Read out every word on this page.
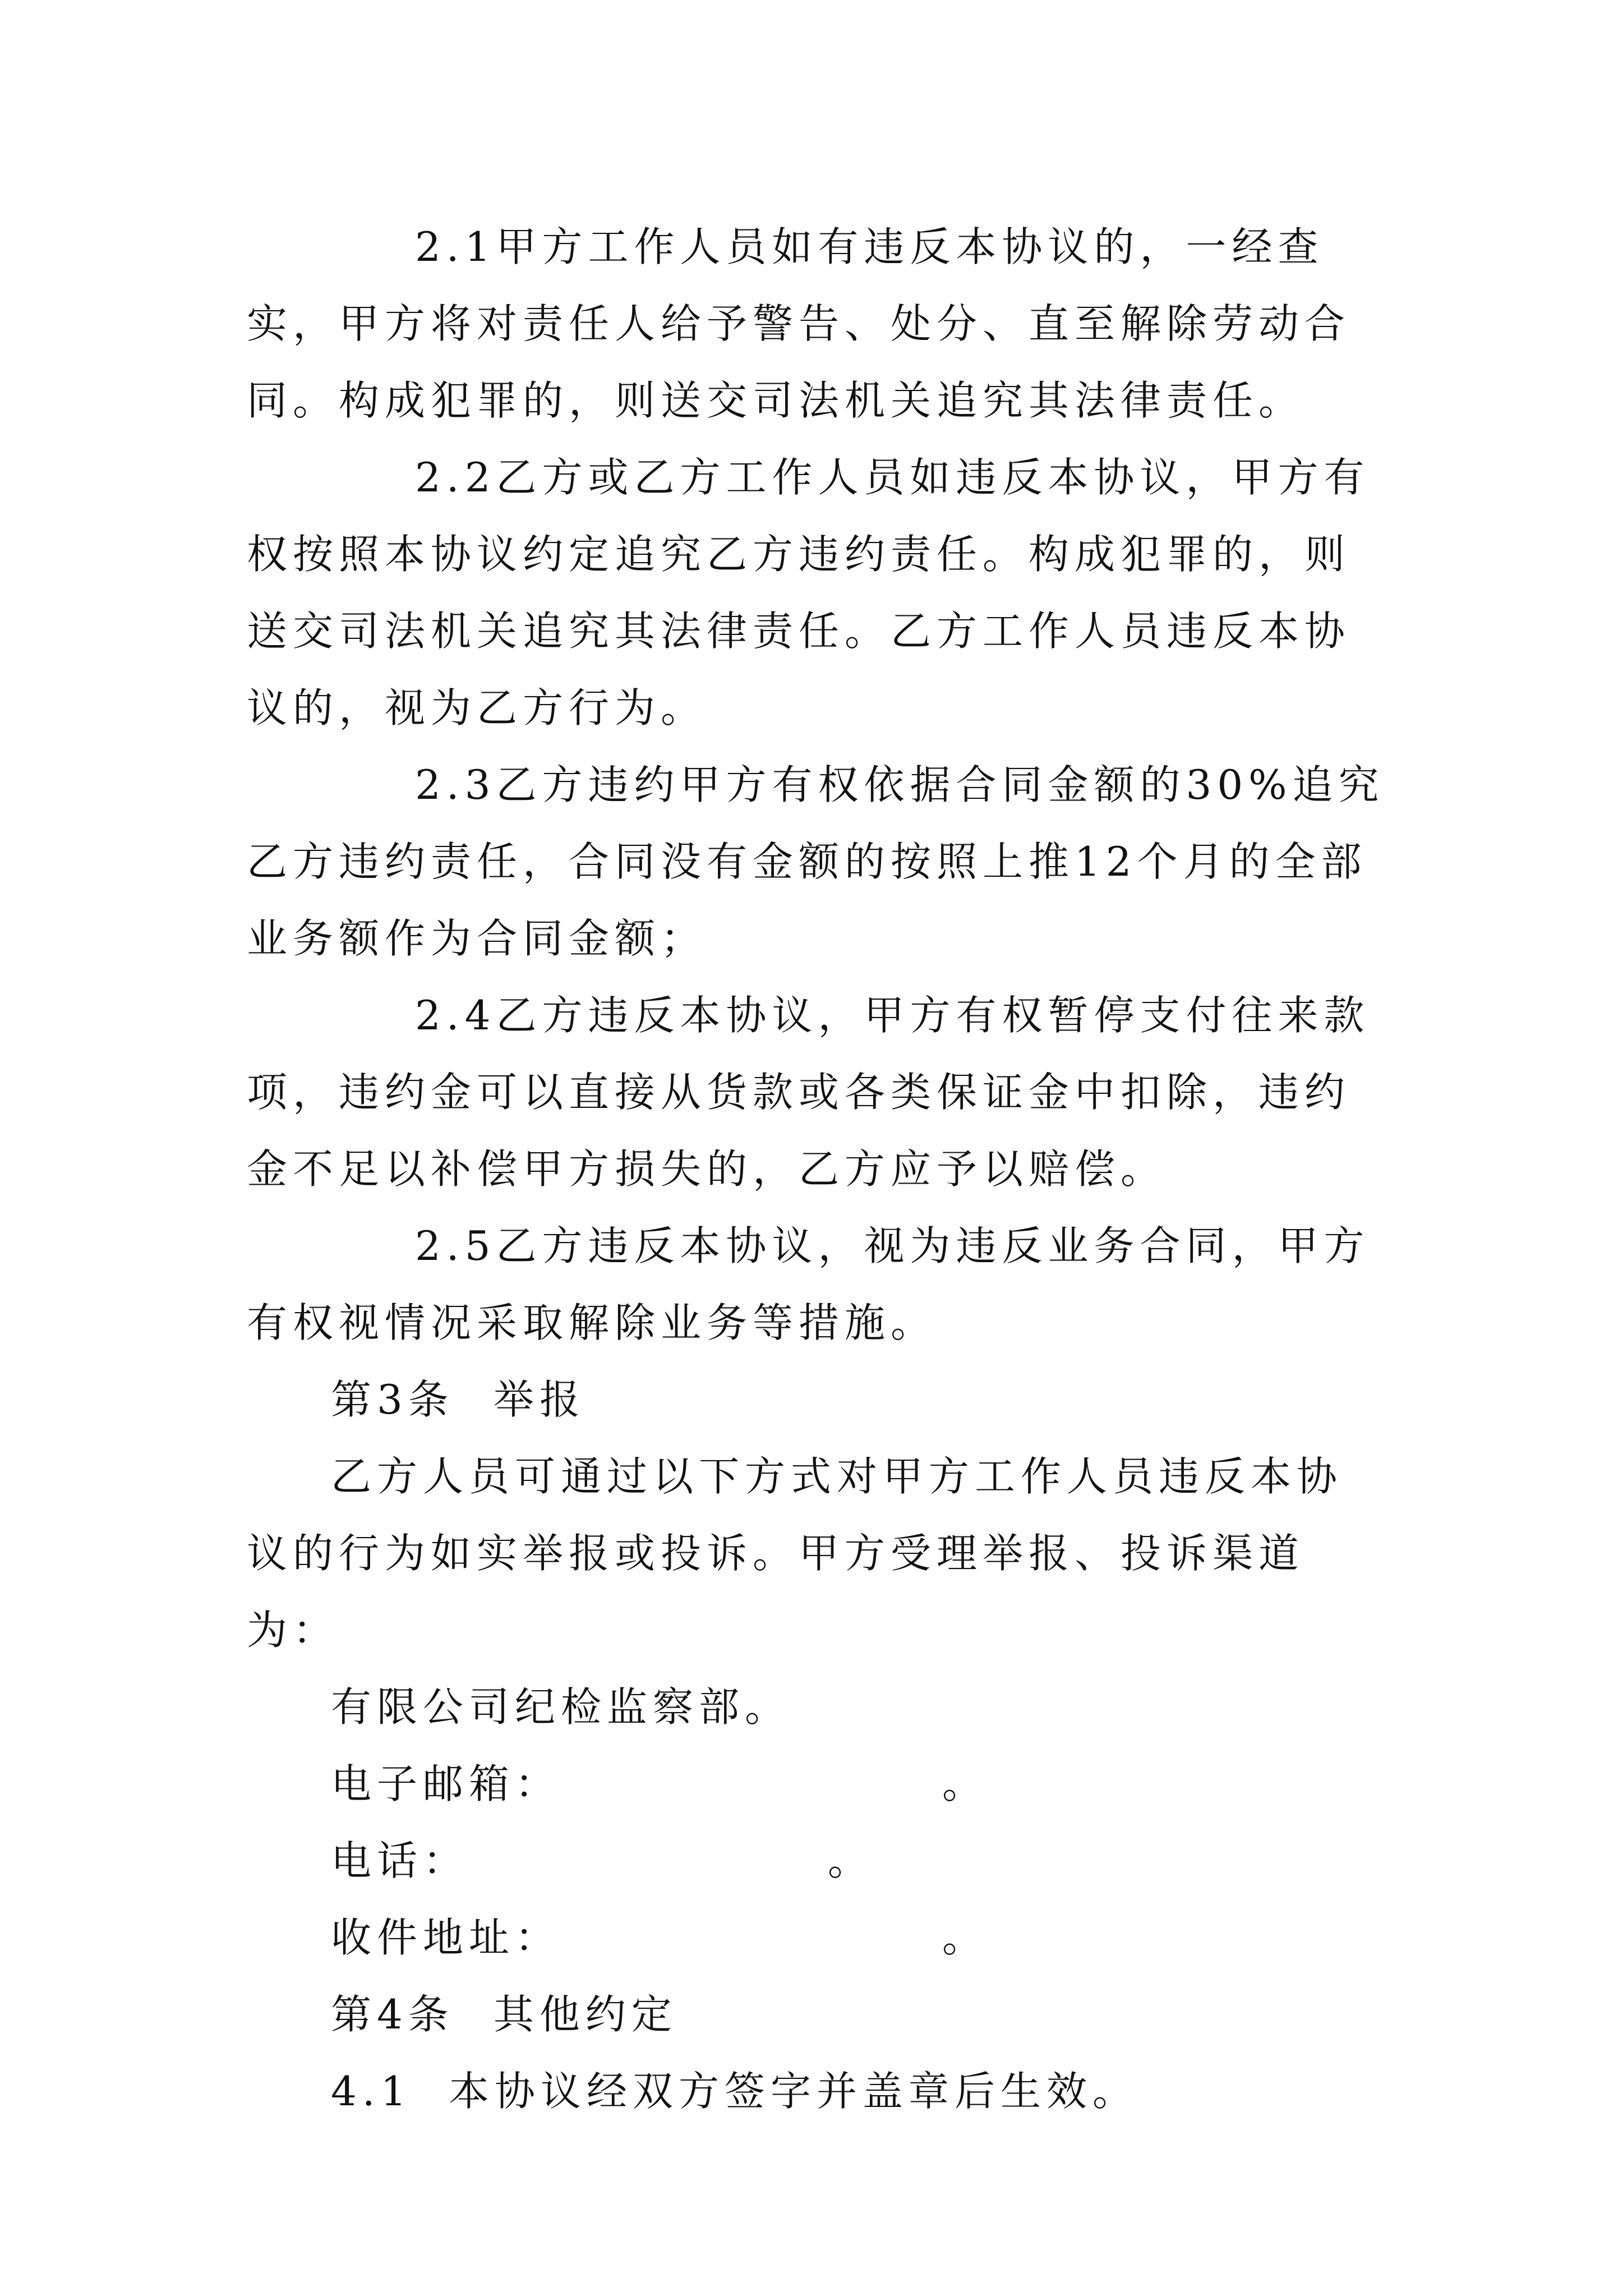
2.1甲方工作人员如有违反本协议的，一经查实，甲方将对责任人给予警告、处分、直至解除劳动合同。构成犯罪的，则送交司法机关追究其法律责任。

2.2乙方或乙方工作人员如违反本协议，甲方有权按照本协议约定追究乙方违约责任。构成犯罪的，则送交司法机关追究其法律责任。乙方工作人员违反本协议的，视为乙方行为。

2.3乙方违约甲方有权依据合同金额的30%追究乙方违约责任，合同没有金额的按照上推12个月的全部业务额作为合同金额；

2.4乙方违反本协议，甲方有权暂停支付往来款项，违约金可以直接从货款或各类保证金中扣除，违约金不足以补偿甲方损失的，乙方应予以赔偿。

2.5乙方违反本协议，视为违反业务合同，甲方有权视情况采取解除业务等措施。

第3条 举报

乙方人员可通过以下方式对甲方工作人员违反本协议的行为如实举报或投诉。甲方受理举报、投诉渠道为：

有限公司纪检监察部。

电子邮箱：	。

电话：	。

收件地址：	。

第4条 其他约定

4.1 本协议经双方签字并盖章后生效。
